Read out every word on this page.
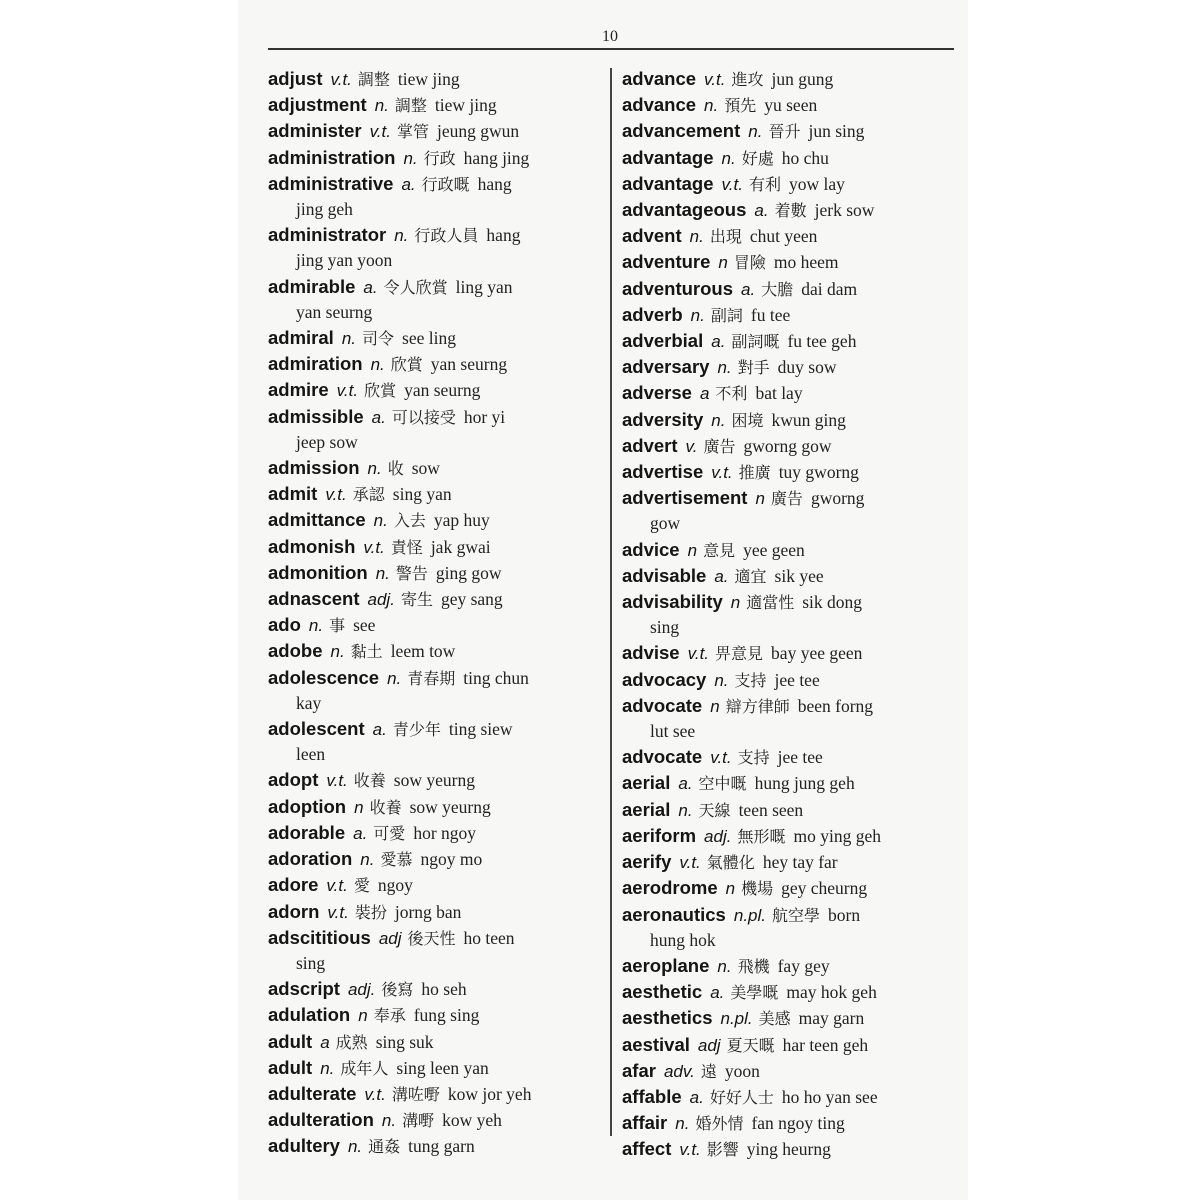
10
adjust v.t. 調整 tiew jing
adjustment n. 調整 tiew jing
administer v.t. 掌管 jeung gwun
administration n. 行政 hang jing
administrative a. 行政嘅 hang
jing geh
administrator n. 行政人員 hang
jing yan yoon
admirable a. 令人欣賞 ling yan
yan seurng
admiral n. 司令 see ling
admiration n. 欣賞 yan seurng
admire v.t. 欣賞 yan seurng
admissible a. 可以接受 hor yi
jeep sow
admission n. 收 sow
admit v.t. 承認 sing yan
admittance n. 入去 yap huy
admonish v.t. 責怪 jak gwai
admonition n. 警告 ging gow
adnascent adj. 寄生 gey sang
ado n. 事 see
adobe n. 黏土 leem tow
adolescence n. 青春期 ting chun
kay
adolescent a. 青少年 ting siew
leen
adopt v.t. 收養 sow yeurng
adoption n 收養 sow yeurng
adorable a. 可愛 hor ngoy
adoration n. 愛慕 ngoy mo
adore v.t. 愛 ngoy
adorn v.t. 裝扮 jorng ban
adscititious adj 後天性 ho teen
sing
adscript adj. 後寫 ho seh
adulation n 奉承 fung sing
adult a 成熟 sing suk
adult n. 成年人 sing leen yan
adulterate v.t. 溝咗嘢 kow jor yeh
adulteration n. 溝嘢 kow yeh
adultery n. 通姦 tung garn
advance v.t. 進攻 jun gung
advance n. 預先 yu seen
advancement n. 晉升 jun sing
advantage n. 好處 ho chu
advantage v.t. 有利 yow lay
advantageous a. 着數 jerk sow
advent n. 出現 chut yeen
adventure n 冒險 mo heem
adventurous a. 大膽 dai dam
adverb n. 副詞 fu tee
adverbial a. 副詞嘅 fu tee geh
adversary n. 對手 duy sow
adverse a 不利 bat lay
adversity n. 困境 kwun ging
advert v. 廣告 gworng gow
advertise v.t. 推廣 tuy gworng
advertisement n 廣告 gworng
gow
advice n 意見 yee geen
advisable a. 適宜 sik yee
advisability n 適當性 sik dong
sing
advise v.t. 畀意見 bay yee geen
advocacy n. 支持 jee tee
advocate n 辯方律師 been forng
lut see
advocate v.t. 支持 jee tee
aerial a. 空中嘅 hung jung geh
aerial n. 天線 teen seen
aeriform adj. 無形嘅 mo ying geh
aerify v.t. 氣體化 hey tay far
aerodrome n 機場 gey cheurng
aeronautics n.pl. 航空學 born
hung hok
aeroplane n. 飛機 fay gey
aesthetic a. 美學嘅 may hok geh
aesthetics n.pl. 美感 may garn
aestival adj 夏天嘅 har teen geh
afar adv. 遠 yoon
affable a. 好好人士 ho ho yan see
affair n. 婚外情 fan ngoy ting
affect v.t. 影響 ying heurng
